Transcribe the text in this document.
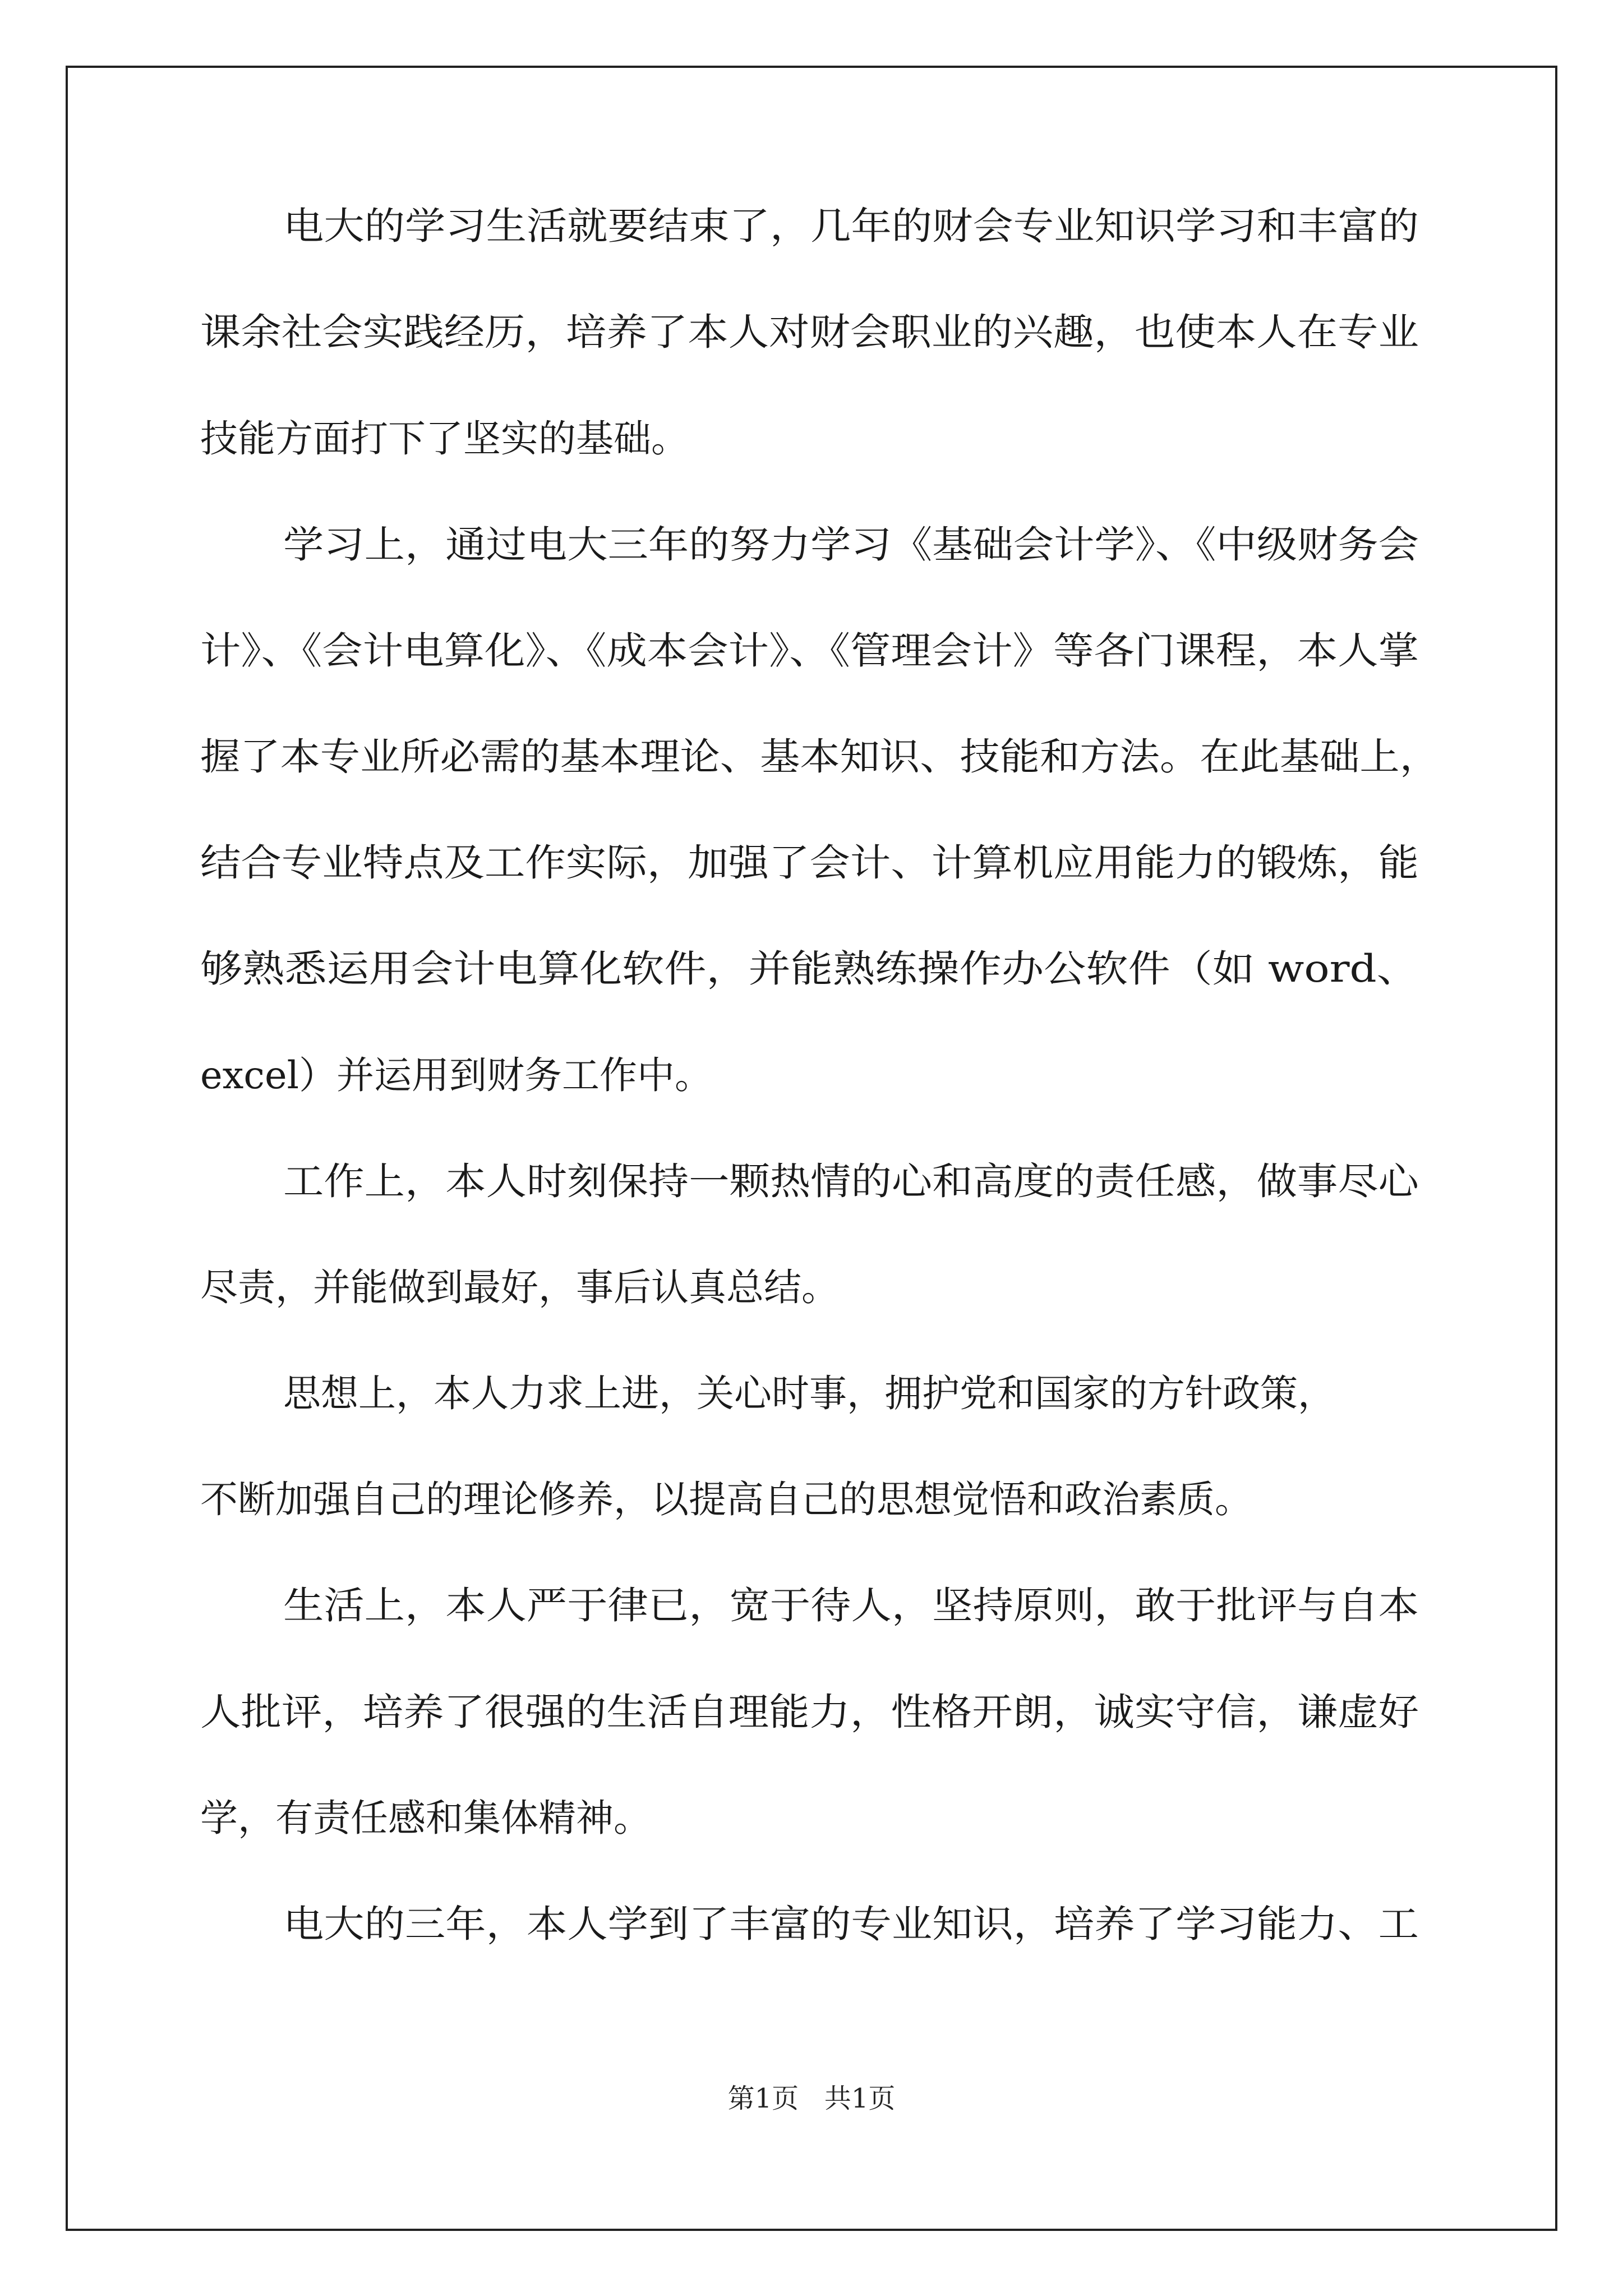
电大的学习生活就要结束了，几年的财会专业知识学习和丰富的
课余社会实践经历，培养了本人对财会职业的兴趣，也使本人在专业
技能方面打下了坚实的基础。
学习上，通过电大三年的努力学习《基础会计学》、《中级财务会
计》、《会计电算化》、《成本会计》、《管理会计》等各门课程，本人掌
握了本专业所必需的基本理论、基本知识、技能和方法。在此基础上，
结合专业特点及工作实际，加强了会计、计算机应用能力的锻炼，能
够熟悉运用会计电算化软件，并能熟练操作办公软件（如 word、
excel）并运用到财务工作中。
工作上，本人时刻保持一颗热情的心和高度的责任感，做事尽心
尽责，并能做到最好，事后认真总结。
思想上，本人力求上进，关心时事，拥护党和国家的方针政策，
不断加强自己的理论修养，以提高自己的思想觉悟和政治素质。
生活上，本人严于律已，宽于待人，坚持原则，敢于批评与自本
人批评，培养了很强的生活自理能力，性格开朗，诚实守信，谦虚好
学，有责任感和集体精神。
电大的三年，本人学到了丰富的专业知识，培养了学习能力、工
第1页   共1页
